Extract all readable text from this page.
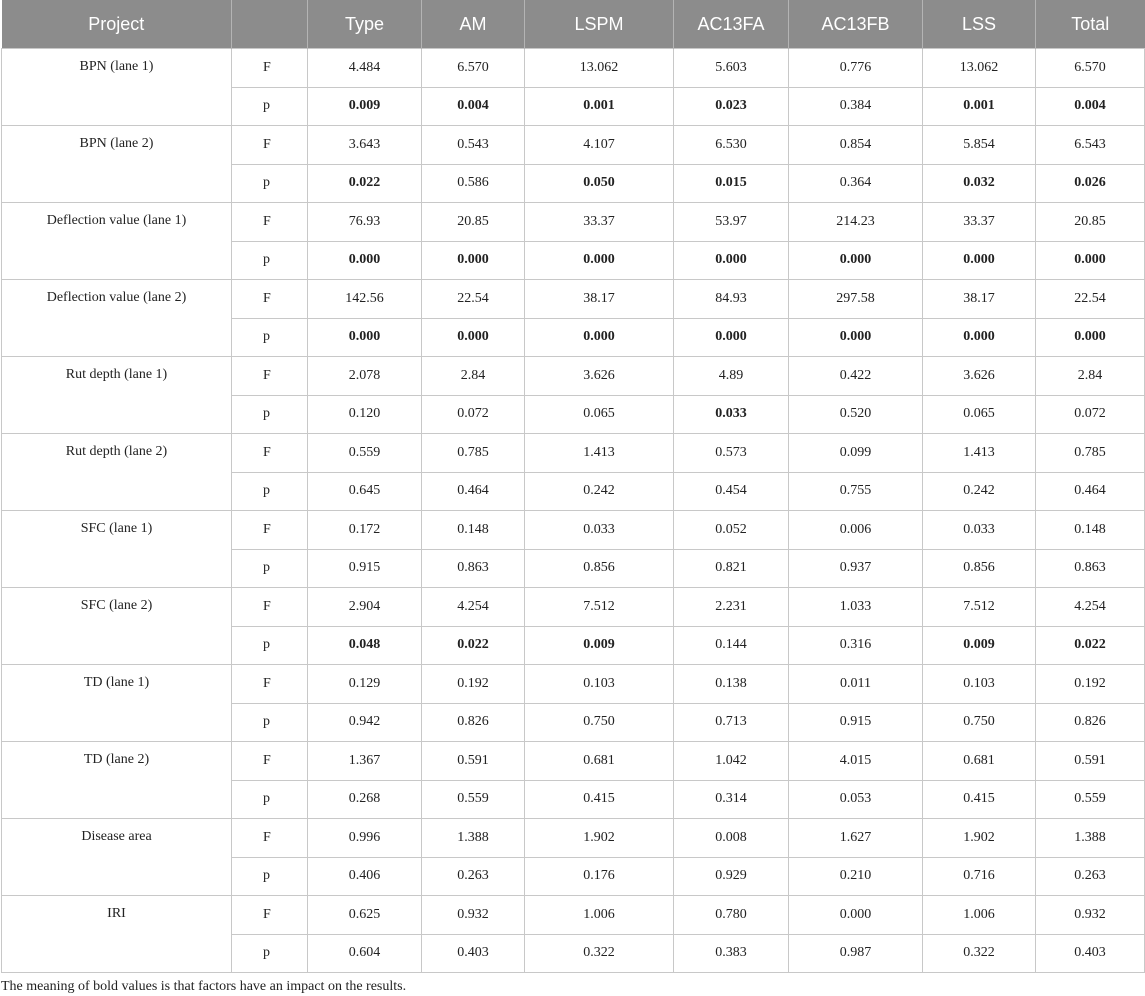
Project		Type	AM	LSPM	AC13FA	AC13FB	LSS	Total
BPN (lane 1)	F	4.484	6.570	13.062	5.603	0.776	13.062	6.570
	p	0.009	0.004	0.001	0.023	0.384	0.001	0.004
BPN (lane 2)	F	3.643	0.543	4.107	6.530	0.854	5.854	6.543
	p	0.022	0.586	0.050	0.015	0.364	0.032	0.026
Deflection value (lane 1)	F	76.93	20.85	33.37	53.97	214.23	33.37	20.85
	p	0.000	0.000	0.000	0.000	0.000	0.000	0.000
Deflection value (lane 2)	F	142.56	22.54	38.17	84.93	297.58	38.17	22.54
	p	0.000	0.000	0.000	0.000	0.000	0.000	0.000
Rut depth (lane 1)	F	2.078	2.84	3.626	4.89	0.422	3.626	2.84
	p	0.120	0.072	0.065	0.033	0.520	0.065	0.072
Rut depth (lane 2)	F	0.559	0.785	1.413	0.573	0.099	1.413	0.785
	p	0.645	0.464	0.242	0.454	0.755	0.242	0.464
SFC (lane 1)	F	0.172	0.148	0.033	0.052	0.006	0.033	0.148
	p	0.915	0.863	0.856	0.821	0.937	0.856	0.863
SFC (lane 2)	F	2.904	4.254	7.512	2.231	1.033	7.512	4.254
	p	0.048	0.022	0.009	0.144	0.316	0.009	0.022
TD (lane 1)	F	0.129	0.192	0.103	0.138	0.011	0.103	0.192
	p	0.942	0.826	0.750	0.713	0.915	0.750	0.826
TD (lane 2)	F	1.367	0.591	0.681	1.042	4.015	0.681	0.591
	p	0.268	0.559	0.415	0.314	0.053	0.415	0.559
Disease area	F	0.996	1.388	1.902	0.008	1.627	1.902	1.388
	p	0.406	0.263	0.176	0.929	0.210	0.716	0.263
IRI	F	0.625	0.932	1.006	0.780	0.000	1.006	0.932
	p	0.604	0.403	0.322	0.383	0.987	0.322	0.403
The meaning of bold values is that factors have an impact on the results.
